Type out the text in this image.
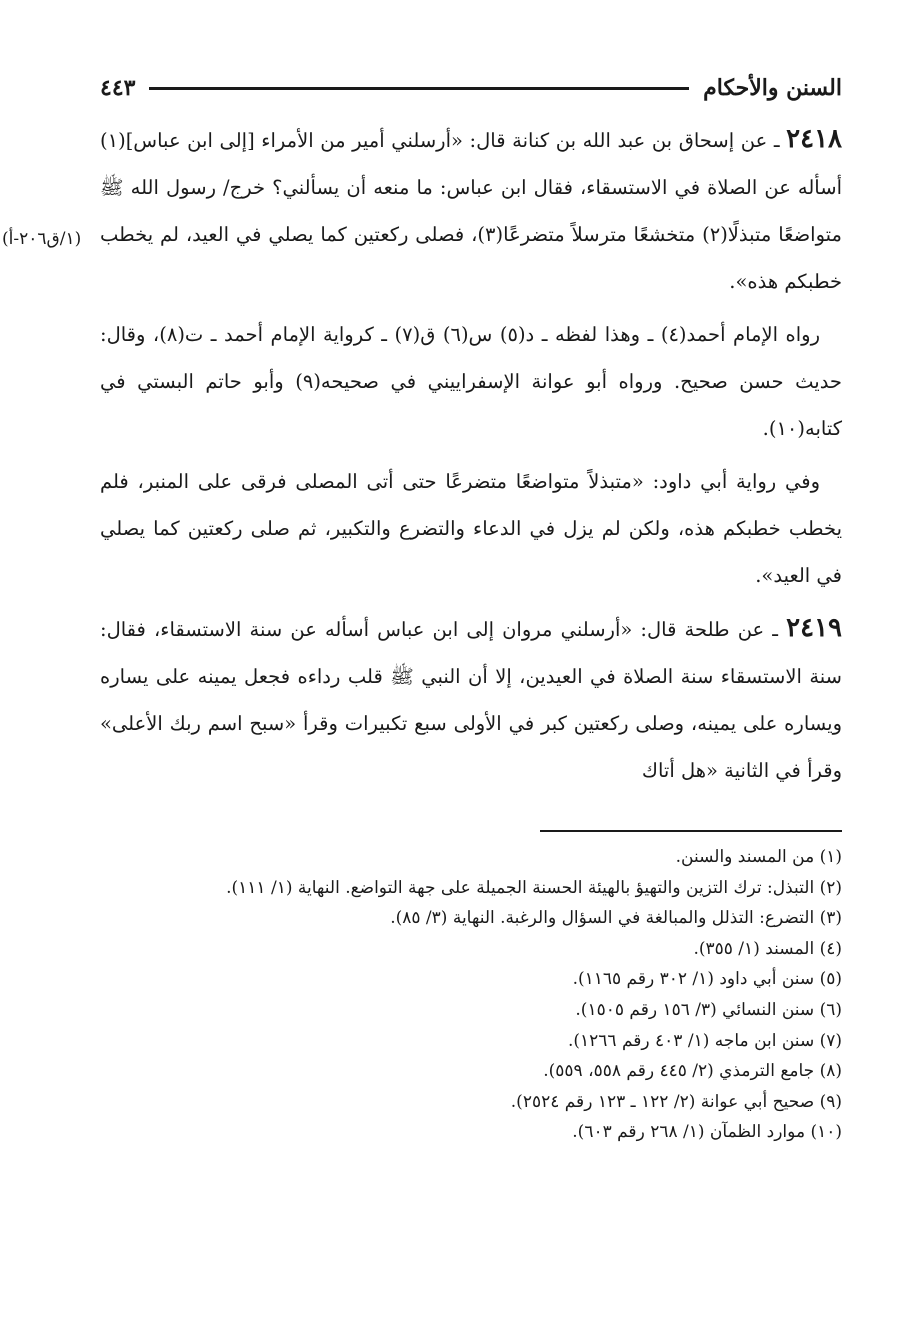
السنن والأحكام
٤٤٣
(١/ق٢٠٦-أ)

٢٤١٨ ـ عن إسحاق بن عبد الله بن كنانة قال: «أرسلني أمير من الأمراء [إلى ابن عباس](١) أسأله عن الصلاة في الاستسقاء، فقال ابن عباس: ما منعه أن يسألني؟ خرج/ رسول الله ﷺ متواضعًا متبذلًا(٢) متخشعًا مترسلاً متضرعًا(٣)، فصلى ركعتين كما يصلي في العيد، لم يخطب خطبكم هذه».

رواه الإمام أحمد(٤) ـ وهذا لفظه ـ د(٥) س(٦) ق(٧) ـ كرواية الإمام أحمد ـ ت(٨)، وقال: حديث حسن صحيح. ورواه أبو عوانة الإسفراييني في صحيحه(٩) وأبو حاتم البستي في كتابه(١٠).

وفي رواية أبي داود: «متبذلاً متواضعًا متضرعًا حتى أتى المصلى فرقى على المنبر، فلم يخطب خطبكم هذه، ولكن لم يزل في الدعاء والتضرع والتكبير، ثم صلى ركعتين كما يصلي في العيد».

٢٤١٩ ـ عن طلحة قال: «أرسلني مروان إلى ابن عباس أسأله عن سنة الاستسقاء، فقال: سنة الاستسقاء سنة الصلاة في العيدين، إلا أن النبي ﷺ قلب رداءه فجعل يمينه على يساره ويساره على يمينه، وصلى ركعتين كبر في الأولى سبع تكبيرات وقرأ «سبح اسم ربك الأعلى» وقرأ في الثانية «هل أتاك

(١) من المسند والسنن.

(٢) التبذل: ترك التزين والتهيؤ بالهيئة الحسنة الجميلة على جهة التواضع. النهاية (١/ ١١١).

(٣) التضرع: التذلل والمبالغة في السؤال والرغبة. النهاية (٣/ ٨٥).

(٤) المسند (١/ ٣٥٥).

(٥) سنن أبي داود (١/ ٣٠٢ رقم ١١٦٥).

(٦) سنن النسائي (٣/ ١٥٦ رقم ١٥٠٥).

(٧) سنن ابن ماجه (١/ ٤٠٣ رقم ١٢٦٦).

(٨) جامع الترمذي (٢/ ٤٤٥ رقم ٥٥٨، ٥٥٩).

(٩) صحيح أبي عوانة (٢/ ١٢٢ ـ ١٢٣ رقم ٢٥٢٤).

(١٠) موارد الظمآن (١/ ٢٦٨ رقم ٦٠٣).
